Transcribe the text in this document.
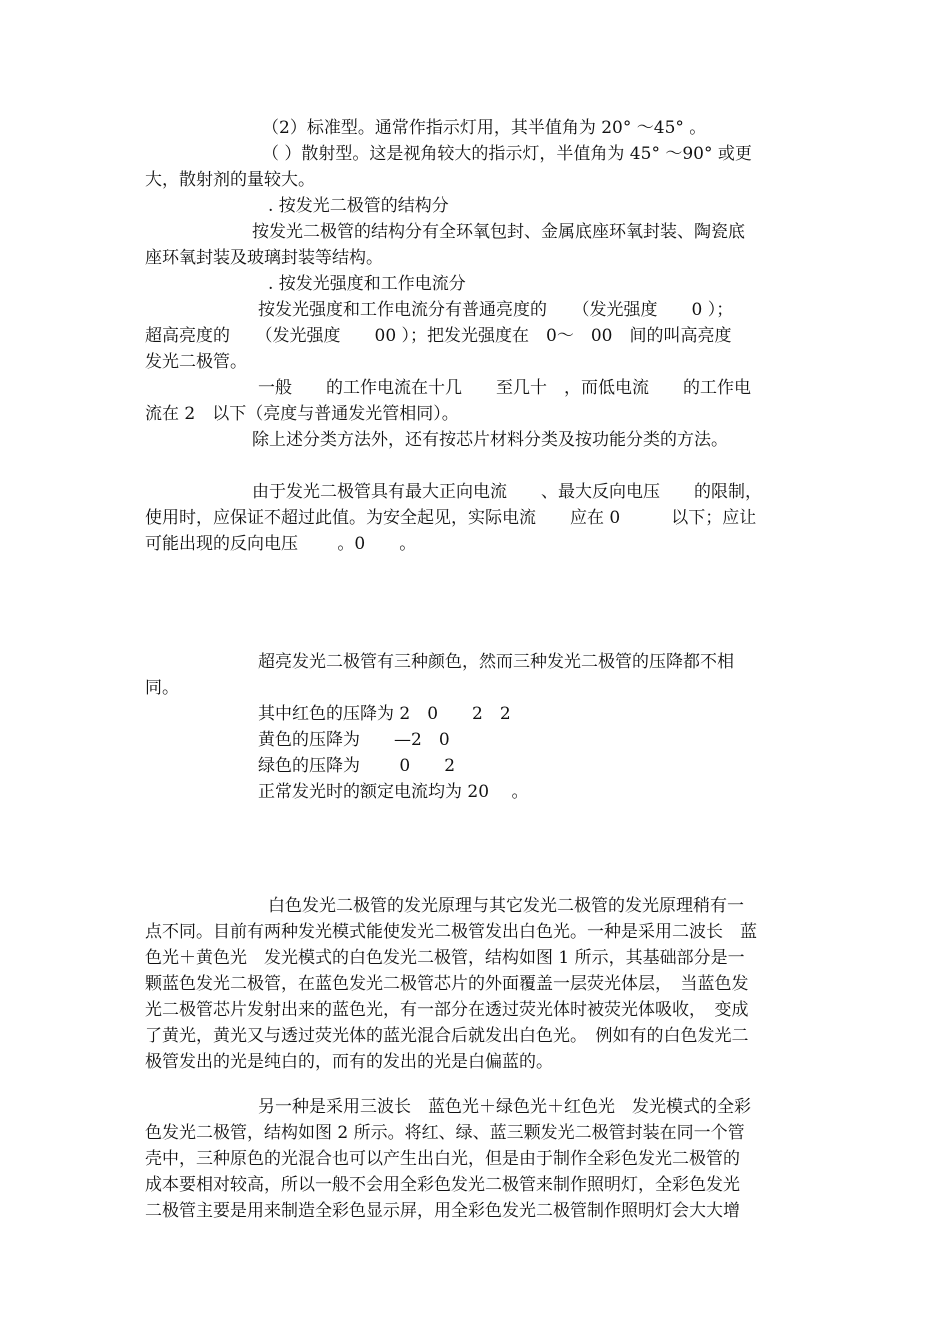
（2）标准型。通常作指示灯用，其半值角为 20° ～45° 。
（ ）散射型。这是视角较大的指示灯，半值角为 45° ～90° 或更
大，散射剂的量较大。
. 按发光二极管的结构分
按发光二极管的结构分有全环氧包封、金属底座环氧封装、陶瓷底
座环氧封装及玻璃封装等结构。
. 按发光强度和工作电流分
按发光强度和工作电流分有普通亮度的　　（发光强度　　0 ）；
超高亮度的　　（发光强度　　00 ）；把发光强度在　0～　00　间的叫高亮度
发光二极管。
一般　　的工作电流在十几　　至几十　，而低电流　　的工作电
流在 2　以下（亮度与普通发光管相同）。
除上述分类方法外，还有按芯片材料分类及按功能分类的方法。
由于发光二极管具有最大正向电流　　、最大反向电压　　的限制，
使用时，应保证不超过此值。为安全起见，实际电流　　应在 0　　　以下；应让
可能出现的反向电压　　 。0　　。
超亮发光二极管有三种颜色，然而三种发光二极管的压降都不相
同。
其中红色的压降为 2　0　　2　2
黄色的压降为　　—2　0
绿色的压降为　　 0　　2
正常发光时的额定电流均为 20　 。
白色发光二极管的发光原理与其它发光二极管的发光原理稍有一
点不同。目前有两种发光模式能使发光二极管发出白色光。一种是采用二波长　蓝
色光＋黄色光　发光模式的白色发光二极管，结构如图 1 所示，其基础部分是一
颗蓝色发光二极管，在蓝色发光二极管芯片的外面覆盖一层荧光体层，　当蓝色发
光二极管芯片发射出来的蓝色光，有一部分在透过荧光体时被荧光体吸收，　变成
了黄光，黄光又与透过荧光体的蓝光混合后就发出白色光。　例如有的白色发光二
极管发出的光是纯白的，而有的发出的光是白偏蓝的。
另一种是采用三波长　蓝色光＋绿色光＋红色光　发光模式的全彩
色发光二极管，结构如图 2 所示。将红、绿、蓝三颗发光二极管封装在同一个管
壳中，三种原色的光混合也可以产生出白光，但是由于制作全彩色发光二极管的
成本要相对较高，所以一般不会用全彩色发光二极管来制作照明灯，全彩色发光
二极管主要是用来制造全彩色显示屏，用全彩色发光二极管制作照明灯会大大增
